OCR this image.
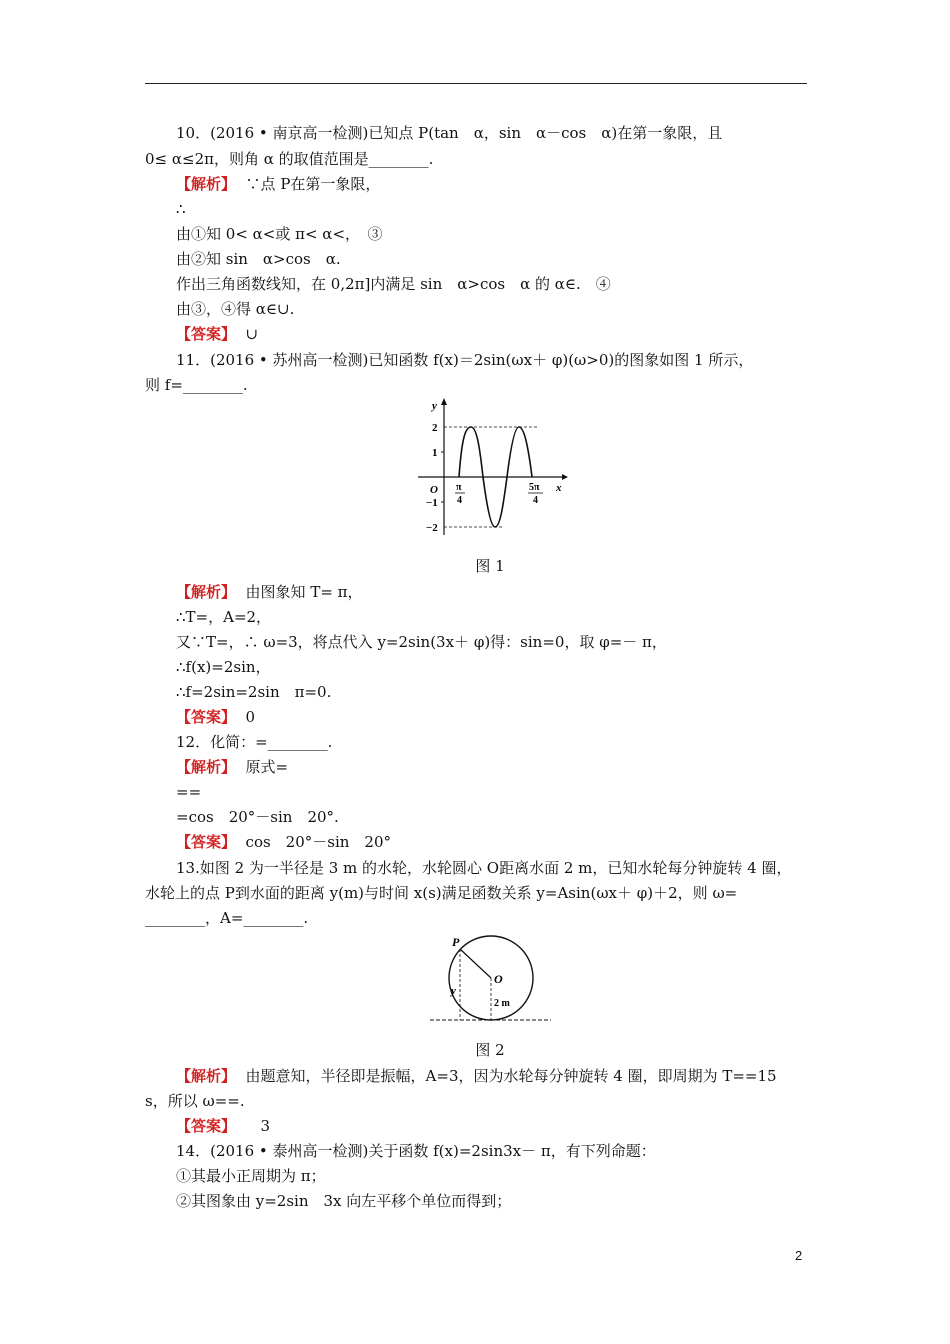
10．(2016 • 南京高一检测)已知点 P(tan　α，sin　α－cos　α)在第一象限，且
0≤ α≤2π，则角 α 的取值范围是________.
【解析】  ∵点 P在第一象限，
∴
由①知 0< α<或 π< α<，　③
由②知 sin　α>cos　α.
作出三角函数线知，在 0,2π]内满足 sin　α>cos　α 的 α∈.　④
由③，④得 α∈∪.
【答案】  ∪
11．(2016 • 苏州高一检测)已知函数 f(x)＝2sin(ωx＋ φ)(ω>0)的图象如图 1 所示，
则 f=________.
y
x
O
2
1
−1
−2
π
4
5π
4
图 1
【解析】  由图象知 T= π，
∴T=，A=2，
又∵T=，∴ ω=3，将点代入 y=2sin(3x＋ φ)得：sin=0，取 φ=－ π，
∴f(x)=2sin，
∴f=2sin=2sin　π=0.
【答案】  0
12．化简：=________.
【解析】  原式=
==
=cos　20°－sin　20°.
【答案】  cos　20°－sin　20°
13.如图 2 为一半径是 3 m 的水轮，水轮圆心 O距离水面 2 m，已知水轮每分钟旋转 4 圈，
水轮上的点 P到水面的距离 y(m)与时间 x(s)满足函数关系 y=Asin(ωx＋ φ)＋2，则 ω=
________，A=________.
P
O
y
2 m
图 2
【解析】  由题意知，半径即是振幅，A=3，因为水轮每分钟旋转 4 圈，即周期为 T==15
s，所以 ω==.
【答案】  　3
14．(2016 • 泰州高一检测)关于函数 f(x)=2sin3x－ π，有下列命题：
①其最小正周期为 π；
②其图象由 y=2sin　3x 向左平移个单位而得到；
2
